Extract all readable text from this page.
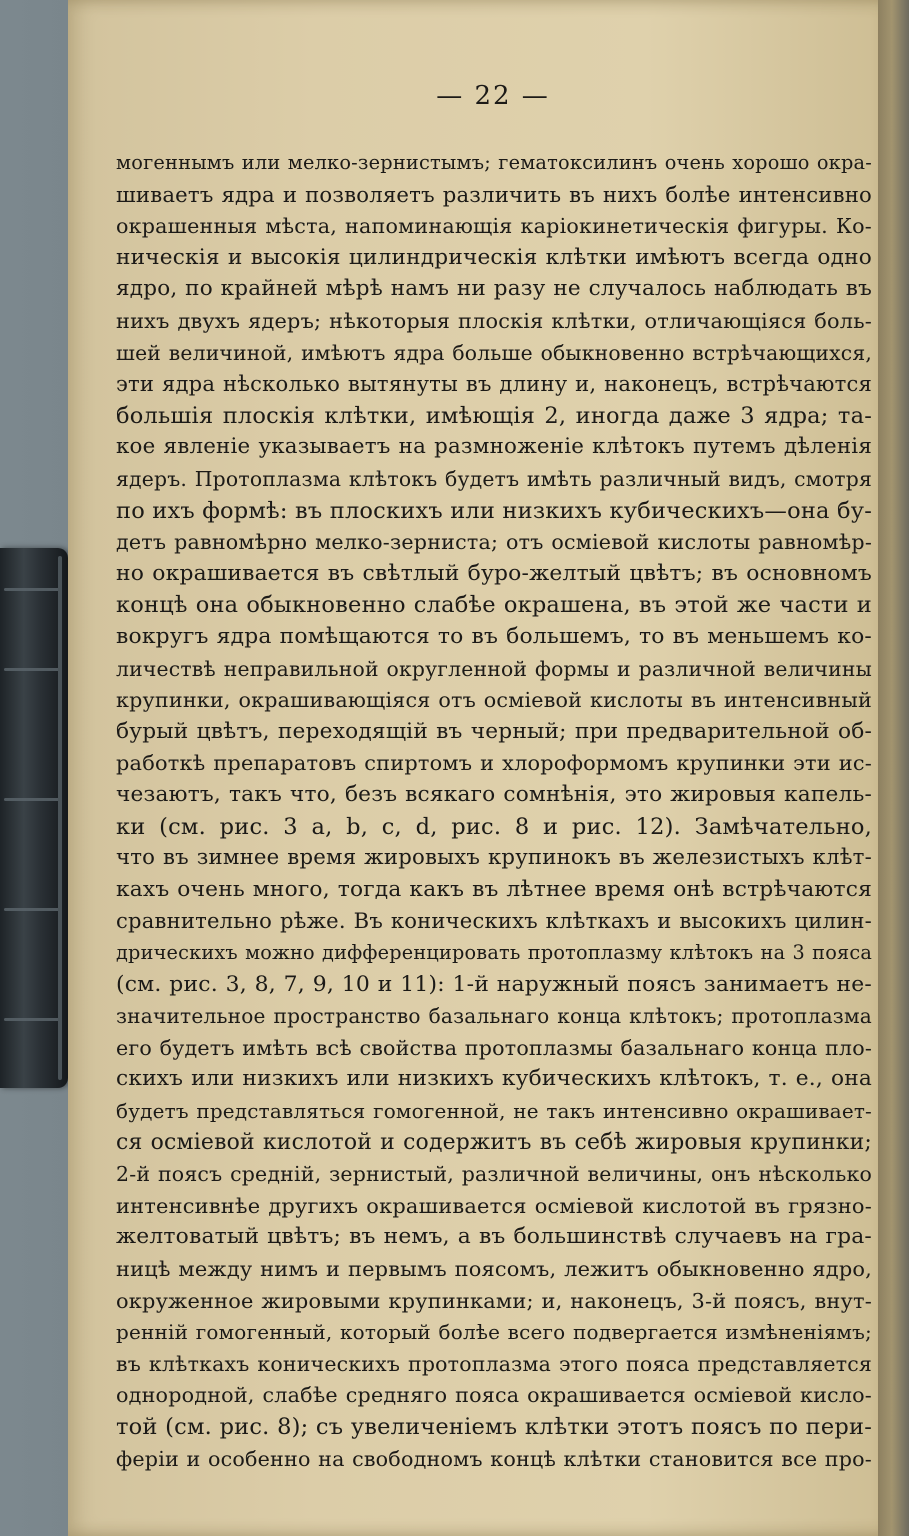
— 22 —
могеннымъ или мелко-зернистымъ; гематоксилинъ очень хорошо окра-
шиваетъ ядра и позволяетъ различить въ нихъ болѣе интенсивно
окрашенныя мѣста, напоминающія каріокинетическія фигуры. Ко-
ническія и высокія цилиндрическія клѣтки имѣютъ всегда одно
ядро, по крайней мѣрѣ намъ ни разу не случалось наблюдать въ
нихъ двухъ ядеръ; нѣкоторыя плоскія клѣтки, отличающіяся боль-
шей величиной, имѣютъ ядра больше обыкновенно встрѣчающихся,
эти ядра нѣсколько вытянуты въ длину и, наконецъ, встрѣчаются
большія плоскія клѣтки, имѣющія 2, иногда даже 3 ядра; та-
кое явленіе указываетъ на размноженіе клѣтокъ путемъ дѣленія
ядеръ. Протоплазма клѣтокъ будетъ имѣть различный видъ, смотря
по ихъ формѣ: въ плоскихъ или низкихъ кубическихъ—она бу-
детъ равномѣрно мелко-зерниста; отъ осміевой кислоты равномѣр-
но окрашивается въ свѣтлый буро-желтый цвѣтъ; въ основномъ
концѣ она обыкновенно слабѣе окрашена, въ этой же части и
вокругъ ядра помѣщаются то въ большемъ, то въ меньшемъ ко-
личествѣ неправильной округленной формы и различной величины
крупинки, окрашивающіяся отъ осміевой кислоты въ интенсивный
бурый цвѣтъ, переходящій въ черный; при предварительной об-
работкѣ препаратовъ спиртомъ и хлороформомъ крупинки эти ис-
чезаютъ, такъ что, безъ всякаго сомнѣнія, это жировыя капель-
ки (см. рис. 3 a, b, c, d, рис. 8 и рис. 12). Замѣчательно,
что въ зимнее время жировыхъ крупинокъ въ железистыхъ клѣт-
кахъ очень много, тогда какъ въ лѣтнее время онѣ встрѣчаются
сравнительно рѣже. Въ коническихъ клѣткахъ и высокихъ цилин-
дрическихъ можно дифференцировать протоплазму клѣтокъ на 3 пояса
(см. рис. 3, 8, 7, 9, 10 и 11): 1-й наружный поясъ занимаетъ не-
значительное пространство базальнаго конца клѣтокъ; протоплазма
его будетъ имѣть всѣ свойства протоплазмы базальнаго конца пло-
скихъ или низкихъ или низкихъ кубическихъ клѣтокъ, т. е., она
будетъ представляться гомогенной, не такъ интенсивно окрашивает-
ся осміевой кислотой и содержитъ въ себѣ жировыя крупинки;
2-й поясъ средній, зернистый, различной величины, онъ нѣсколько
интенсивнѣе другихъ окрашивается осміевой кислотой въ грязно-
желтоватый цвѣтъ; въ немъ, а въ большинствѣ случаевъ на гра-
ницѣ между нимъ и первымъ поясомъ, лежитъ обыкновенно ядро,
окруженное жировыми крупинками; и, наконецъ, 3-й поясъ, внут-
ренній гомогенный, который болѣе всего подвергается измѣненіямъ;
въ клѣткахъ коническихъ протоплазма этого пояса представляется
однородной, слабѣе средняго пояса окрашивается осміевой кисло-
той (см. рис. 8); съ увеличеніемъ клѣтки этотъ поясъ по пери-
феріи и особенно на свободномъ концѣ клѣтки становится все про-
